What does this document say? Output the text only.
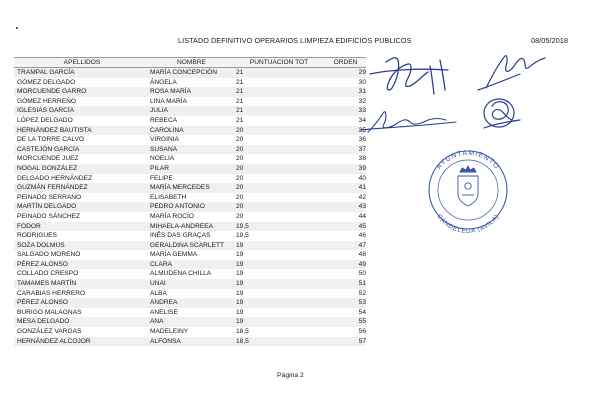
LISTADO DEFINITIVO OPERARIOS LIMPIEZA EDIFICIOS PUBLICOS	08/05/2018
APELLIDOS	NOMBRE	PUNTUACION TOT	ORDEN
TRAMPAL GARCÍA	MARÍA CONCEPCIÓN	21	29
GÓMEZ DELGADO	ÁNGELA	21	30
MORCUENDE GARRO	ROSA MARÍA	21	31
GÓMEZ HERREÑO	LINA MARÍA	21	32
IGLESIAS GARCÍA	JULIA	21	33
LÓPEZ DELGADO	REBECA	21	34
HERNÁNDEZ BAUTISTA	CAROLINA	20	35
DE LA TORRE CALVO	VIRGINIA	20	36
CASTEJÓN GARCÍA	SUSANA	20	37
MORCUENDE JUEZ	NOELIA	20	38
NOGAL GONZÁLEZ	PILAR	20	39
DELGADO HERNÁNDEZ	FELIPE	20	40
GUZMÁN FERNÁNDEZ	MARÍA MERCEDES	20	41
PEINADO SERRANO	ELISABETH	20	42
MARTÍN DELGADO	PEDRO ANTONIO	20	43
PEINADO SÁNCHEZ	MARÍA ROCÍO	20	44
FODOR	MIHAELA-ANDREEA	19,5	45
RODRIGUES	INÊS DAS GRAÇAS	19,5	46
SOZA DOLMUS	GERALDINA SCARLETT	19	47
SALGADO MORENO	MARÍA GEMMA	19	48
PÉREZ ALONSO	CLARA	19	49
COLLADO CRESPO	ALMUDENA CHILLA	19	50
TAMAMES MARTÍN	UNAI	19	51
CARABIAS HERRERO	ALBA	19	52
PÉREZ ALONSO	ANDREA	19	53
BURIGO MALAGNAS	ANELISE	19	54
MESA DELGADO	ANA	19	55
GONZÁLEZ VARGAS	MADELEINY	18,5	56
HERNÁNDEZ ALCOJOR	ALFONSA	18,5	57
Página 2
AYUNTAMIENTO
CANDELEDA (AVILA)
